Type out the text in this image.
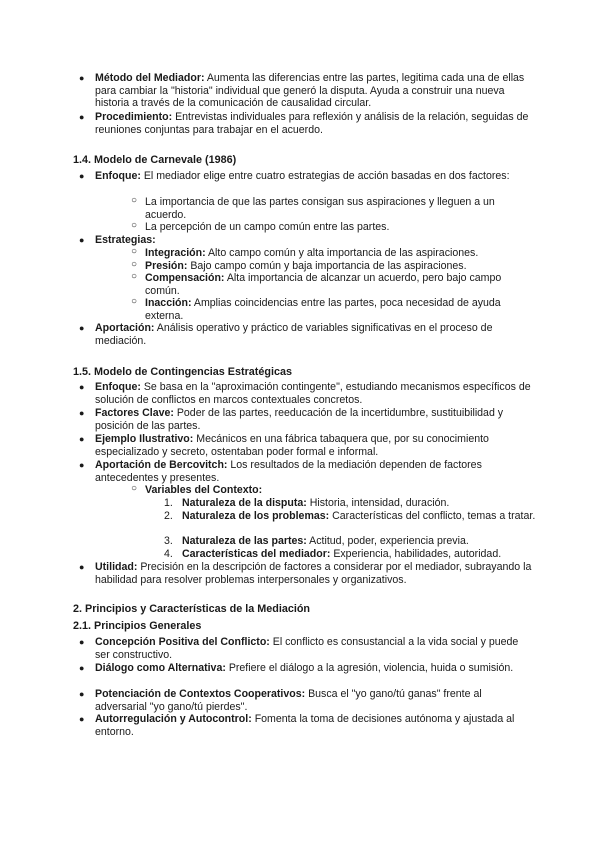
● Método del Mediador: Aumenta las diferencias entre las partes, legitima cada una de ellas para cambiar la "historia" individual que generó la disputa. Ayuda a construir una nueva historia a través de la comunicación de causalidad circular.
● Procedimiento: Entrevistas individuales para reflexión y análisis de la relación, seguidas de reuniones conjuntas para trabajar en el acuerdo.
1.4. Modelo de Carnevale (1986)
● Enfoque: El mediador elige entre cuatro estrategias de acción basadas en dos factores:
○ La importancia de que las partes consigan sus aspiraciones y lleguen a un acuerdo.
○ La percepción de un campo común entre las partes.
● Estrategias:
○ Integración: Alto campo común y alta importancia de las aspiraciones.
○ Presión: Bajo campo común y baja importancia de las aspiraciones.
○ Compensación: Alta importancia de alcanzar un acuerdo, pero bajo campo común.
○ Inacción: Amplias coincidencias entre las partes, poca necesidad de ayuda externa.
● Aportación: Análisis operativo y práctico de variables significativas en el proceso de mediación.
1.5. Modelo de Contingencias Estratégicas
● Enfoque: Se basa en la "aproximación contingente", estudiando mecanismos específicos de solución de conflictos en marcos contextuales concretos.
● Factores Clave: Poder de las partes, reeducación de la incertidumbre, sustituibilidad y posición de las partes.
● Ejemplo Ilustrativo: Mecánicos en una fábrica tabaquera que, por su conocimiento especializado y secreto, ostentaban poder formal e informal.
● Aportación de Bercovitch: Los resultados de la mediación dependen de factores antecedentes y presentes.
○ Variables del Contexto:
1. Naturaleza de la disputa: Historia, intensidad, duración.
2. Naturaleza de los problemas: Características del conflicto, temas a tratar.
3. Naturaleza de las partes: Actitud, poder, experiencia previa.
4. Características del mediador: Experiencia, habilidades, autoridad.
● Utilidad: Precisión en la descripción de factores a considerar por el mediador, subrayando la habilidad para resolver problemas interpersonales y organizativos.
2. Principios y Características de la Mediación
2.1. Principios Generales
● Concepción Positiva del Conflicto: El conflicto es consustancial a la vida social y puede ser constructivo.
● Diálogo como Alternativa: Prefiere el diálogo a la agresión, violencia, huida o sumisión.
● Potenciación de Contextos Cooperativos: Busca el "yo gano/tú ganas" frente al adversarial "yo gano/tú pierdes".
● Autorregulación y Autocontrol: Fomenta la toma de decisiones autónoma y ajustada al entorno.
